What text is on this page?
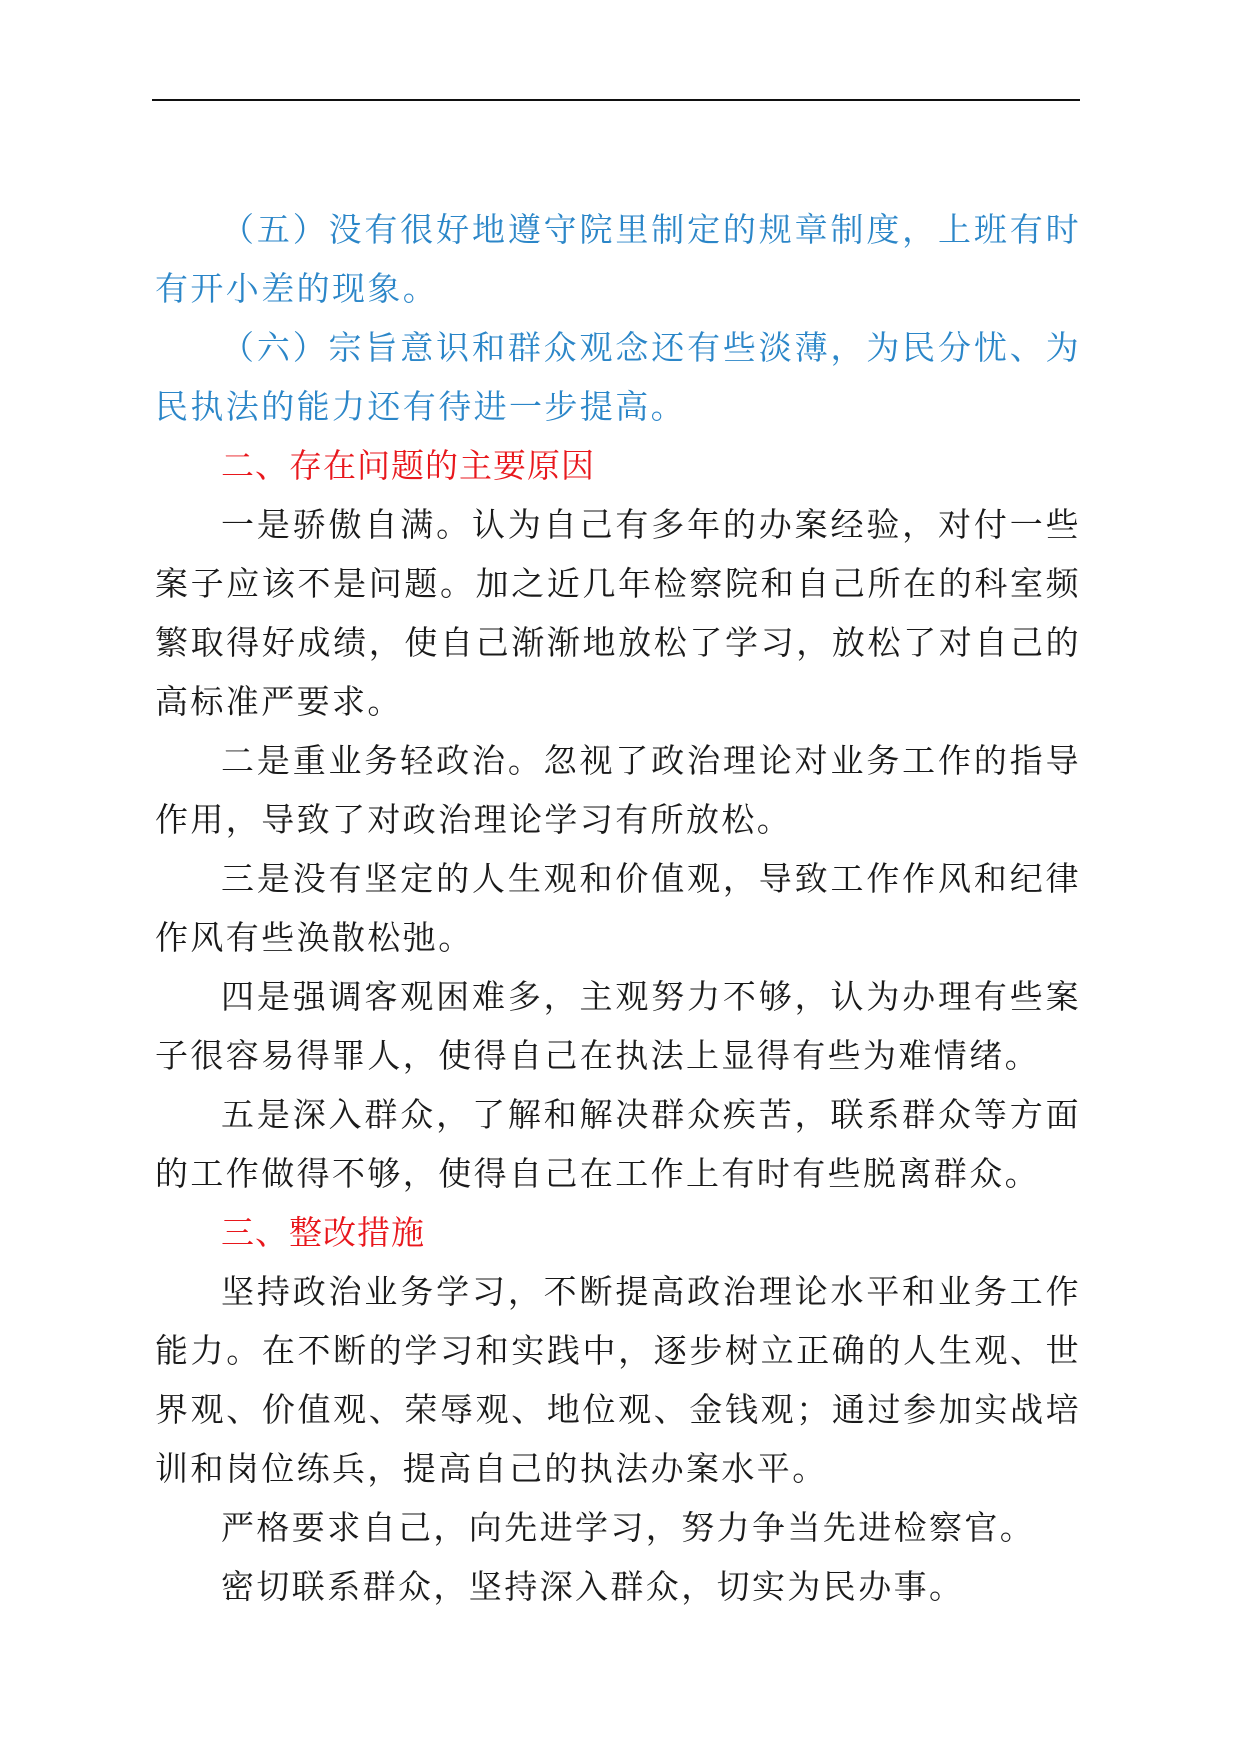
（五）没有很好地遵守院里制定的规章制度，上班有时有开小差的现象。

（六）宗旨意识和群众观念还有些淡薄，为民分忧、为民执法的能力还有待进一步提高。

二、存在问题的主要原因

一是骄傲自满。认为自己有多年的办案经验，对付一些案子应该不是问题。加之近几年检察院和自己所在的科室频繁取得好成绩，使自己渐渐地放松了学习，放松了对自己的高标准严要求。

二是重业务轻政治。忽视了政治理论对业务工作的指导作用，导致了对政治理论学习有所放松。

三是没有坚定的人生观和价值观，导致工作作风和纪律作风有些涣散松弛。

四是强调客观困难多，主观努力不够，认为办理有些案子很容易得罪人，使得自己在执法上显得有些为难情绪。

五是深入群众，了解和解决群众疾苦，联系群众等方面的工作做得不够，使得自己在工作上有时有些脱离群众。

三、整改措施

坚持政治业务学习，不断提高政治理论水平和业务工作能力。在不断的学习和实践中，逐步树立正确的人生观、世界观、价值观、荣辱观、地位观、金钱观；通过参加实战培训和岗位练兵，提高自己的执法办案水平。

严格要求自己，向先进学习，努力争当先进检察官。

密切联系群众，坚持深入群众，切实为民办事。
